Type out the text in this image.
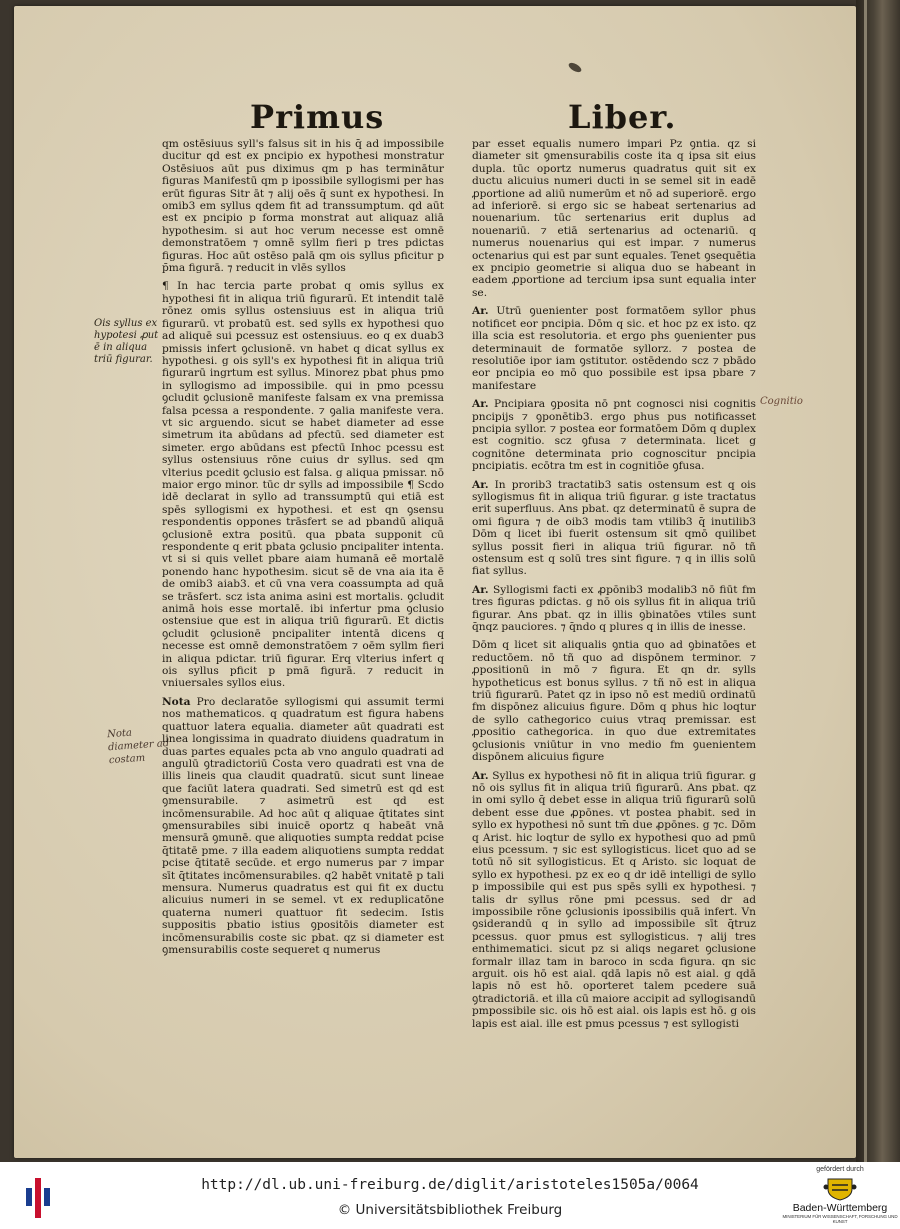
Primus	Liber.
Ois syllus ex hypotesi ꝓut ē in aliqua triū figurar.
Nota diameter ad costam
Cognitio

qm ostēsiuus syll's falsus sit in his q̄ ad impossibile ducitur qd est ex pncipio ex hypothesi monstratur Ostēsiuos aūt pus diximus qm p has terminātur figuras Manifestū qm p ipossibile syllogismi per has erūt figuras Sitr āt ⁊ alij oēs q̄ sunt ex hypothesi. In omib3 em syllus qdem fit ad transsumptum. qd aūt est ex pncipio p forma monstrat aut aliquaz aliā hypothesim. si aut hoc verum necesse est omnē demonstratōem ⁊ omnē syllm fieri p tres pdictas figuras. Hoc aūt ostēso palā qm ois syllus pficitur p p̄ma figurā. ⁊ reducit in vlēs syllos

¶ In hac tercia parte probat q omis syllus ex hypothesi fit in aliqua triū figurarū. Et intendit talē rōnez omis syllus ostensiuus est in aliqua triū figurarū. vt probatū est. sed sylls ex hypothesi quo ad aliquē sui pcessuz est ostensiuus. eo q ex duab3 pmissis infert ꝯclusionē. vn habet q dicat syllus ex hypothesi. g ois syll's ex hypothesi fit in aliqua triū figurarū ingrtum est syllus. Minorez pbat phus pmo in syllogismo ad impossibile. qui in pmo pcessu ꝯcludit ꝯclusionē manifeste falsam ex vna premissa falsa pcessa a respondente. ⁊ ꝯalia manifeste vera. vt sic arguendo. sicut se habet diameter ad esse simetrum ita abūdans ad pfectū. sed diameter est simeter. ergo abūdans est pfectū Inhoc pcessu est syllus ostensiuus rōne cuius dr syllus. sed qm vlterius pcedit ꝯclusio est falsa. g aliqua pmissar. nō maior ergo minor. tūc dr sylls ad impossibile ¶ Scdo idē declarat in syllo ad transsumptū qui etiā est spēs syllogismi ex hypothesi. et est qn ꝯsensu respondentis oppones trāsfert se ad pbandū aliquā ꝯclusionē extra positū. qua pbata supponit cū respondente q erit pbata ꝯclusio pncipaliter intenta. vt si si quis vellet pbare aiam humanā eē mortalē ponendo hanc hypothesim. sicut sē de vna aia ita ē de omib3 aiab3. et cū vna vera coassumpta ad quā se trāsfert. scz ista anima asini est mortalis. ꝯcludit animā hois esse mortalē. ibi infertur pma ꝯclusio ostensiue que est in aliqua triū figurarū. Et dictis ꝯcludit ꝯclusionē pncipaliter intentā dicens q necesse est omnē demonstratōem ⁊ oēm syllm fieri in aliqua pdictar. triū figurar. Erq vlterius infert q ois syllus pficit p pmā figurā. ⁊ reducit in vniuersales syllos eius.

Nota Pro declaratōe syllogismi qui assumit termi nos mathematicos. q quadratum est figura habens quattuor latera equalia. diameter aūt quadrati est linea longissima in quadrato diuidens quadratum in duas partes equales pcta ab vno angulo quadrati ad angulū ꝯtradictoriū Costa vero quadrati est vna de illis lineis qua claudit quadratū. sicut sunt lineae que faciūt latera quadrati. Sed simetrū est qd est ꝯmensurabile. ⁊ asimetrū est qd est incōmensurabile. Ad hoc aūt q aliquae q̄titates sint ꝯmensurabiles sibi inuicē oportz q habeāt vnā mensurā ꝯmunē. que aliquoties sumpta reddat pcise q̄titatē pme. ⁊ illa eadem aliquotiens sumpta reddat pcise q̄titatē secūde. et ergo numerus par ⁊ impar sīt q̄titates incōmensurabiles. q2 habēt vnitatē p tali mensura. Numerus quadratus est qui fit ex ductu alicuius numeri in se semel. vt ex reduplicatōne quaterna numeri quattuor fit sedecim. Istis suppositis pbatio istius ꝯpositōis diameter est incōmensurabilis coste sic pbat. qz si diameter est ꝯmensurabilis coste sequeret q numerus

par esset equalis numero impari Pz ꝯntia. qz si diameter sit ꝯmensurabilis coste ita q ipsa sit eius dupla. tūc oportz numerus quadratus quit sit ex ductu alicuius numeri ducti in se semel sit in eadē ꝓportione ad aliū numerūm et nō ad superiorē. ergo ad inferiorē. si ergo sic se habeat sertenarius ad nouenarium. tūc sertenarius erit duplus ad nouenariū. ⁊ etiā sertenarius ad octenariū. q numerus nouenarius qui est impar. ⁊ numerus octenarius qui est par sunt equales. Tenet ꝯsequētia ex pncipio geometrie si aliqua duo se habeant in eadem ꝓportione ad tercium ipsa sunt equalia inter se.

Ar. Utrū ꝯuenienter post formatōem syllor phus notificet eor pncipia. Dōm q sic. et hoc pz ex isto. qz illa scia est resolutoria. et ergo phs ꝯuenienter pus determinauit de formatōe syllorz. ⁊ postea de resolutiōe ipor iam ꝯstitutor. ostēdendo scz ⁊ pbādo eor pncipia eo mō quo possibile est ipsa pbare ⁊ manifestare

Ar. Pncipiara ꝯposita nō pnt cognosci nisi cognitis pncipijs ⁊ ꝯponētib3. ergo phus pus notificasset pncipia syllor. ⁊ postea eor formatōem Dōm q duplex est cognitio. scz ꝯfusa ⁊ determinata. licet g cognitōne determinata prio cognoscitur pncipia pncipiatis. ecōtra tm est in cognitiōe ꝯfusa.

Ar. In prorib3 tractatib3 satis ostensum est q ois syllogismus fit in aliqua triū figurar. g iste tractatus erit superfluus. Ans pbat. qz determinatū ē supra de omi figura ⁊ de oib3 modis tam vtilib3 q̄ inutilib3 Dōm q licet ibi fuerit ostensum sit qmō quilibet syllus possit fieri in aliqua triū figurar. nō tñ ostensum est q solū tres sint figure. ⁊ q in illis solū fiat syllus.

Ar. Syllogismi facti ex ꝓpōnib3 modalib3 nō fiūt fm tres figuras pdictas. g nō ois syllus fit in aliqua triū figurar. Ans pbat. qz in illis ꝯbinatōes vtiles sunt q̄nqz pauciores. ⁊ q̄ndo q plures q in illis de inesse.

Dōm q licet sit aliqualis ꝯntia quo ad ꝯbinatōes et reductōem. nō tñ quo ad dispōnem terminor. ⁊ ꝓpositionū in mō ⁊ figura. Et qn dr. sylls hypotheticus est bonus syllus. ⁊ tñ nō est in aliqua triū figurarū. Patet qz in ipso nō est mediū ordinatū fm dispōnez alicuius figure. Dōm q phus hic loqtur de syllo cathegorico cuius vtraq premissar. est ꝓpositio cathegorica. in quo due extremitates ꝯclusionis vniūtur in vno medio fm ꝯuenientem dispōnem alicuius figure

Ar. Syllus ex hypothesi nō fit in aliqua triū figurar. g nō ois syllus fit in aliqua triū figurarū. Ans pbat. qz in omi syllo q̄ debet esse in aliqua triū figurarū solū debent esse due ꝓpōnes. vt postea phabit. sed in syllo ex hypothesi nō sunt tm̄ due ꝓpōnes. g ⁊c. Dōm q Arist. hic loqtur de syllo ex hypothesi quo ad pmū eius pcessum. ⁊ sic est syllogisticus. licet quo ad se totū nō sit syllogisticus. Et q Aristo. sic loquat de syllo ex hypothesi. pz ex eo q dr idē intelligi de syllo p impossibile qui est pus spēs sylli ex hypothesi. ⁊ talis dr syllus rōne pmi pcessus. sed dr ad impossibile rōne ꝯclusionis ipossibilis quā infert. Vn ꝯsiderandū q in syllo ad impossibile sīt q̄truz pcessus. quor pmus est syllogisticus. ⁊ alij tres enthimematici. sicut pz si aliqs negaret ꝯclusione formalr illaz tam in baroco in scda figura. qn sic arguit. ois hō est aial. qdā lapis nō est aial. g qdā lapis nō est hō. oporteret talem pcedere suā ꝯtradictoriā. et illa cū maiore accipit ad syllogisandū pmpossibile sic. ois hō est aial. ois lapis est hō. g ois lapis est aial. ille est pmus pcessus ⁊ est syllogisti

http://dl.ub.uni-freiburg.de/diglit/aristoteles1505a/0064
© Universitätsbibliothek Freiburg
gefördert durch
Baden-Württemberg
MINISTERIUM FÜR WISSENSCHAFT, FORSCHUNG UND KUNST
